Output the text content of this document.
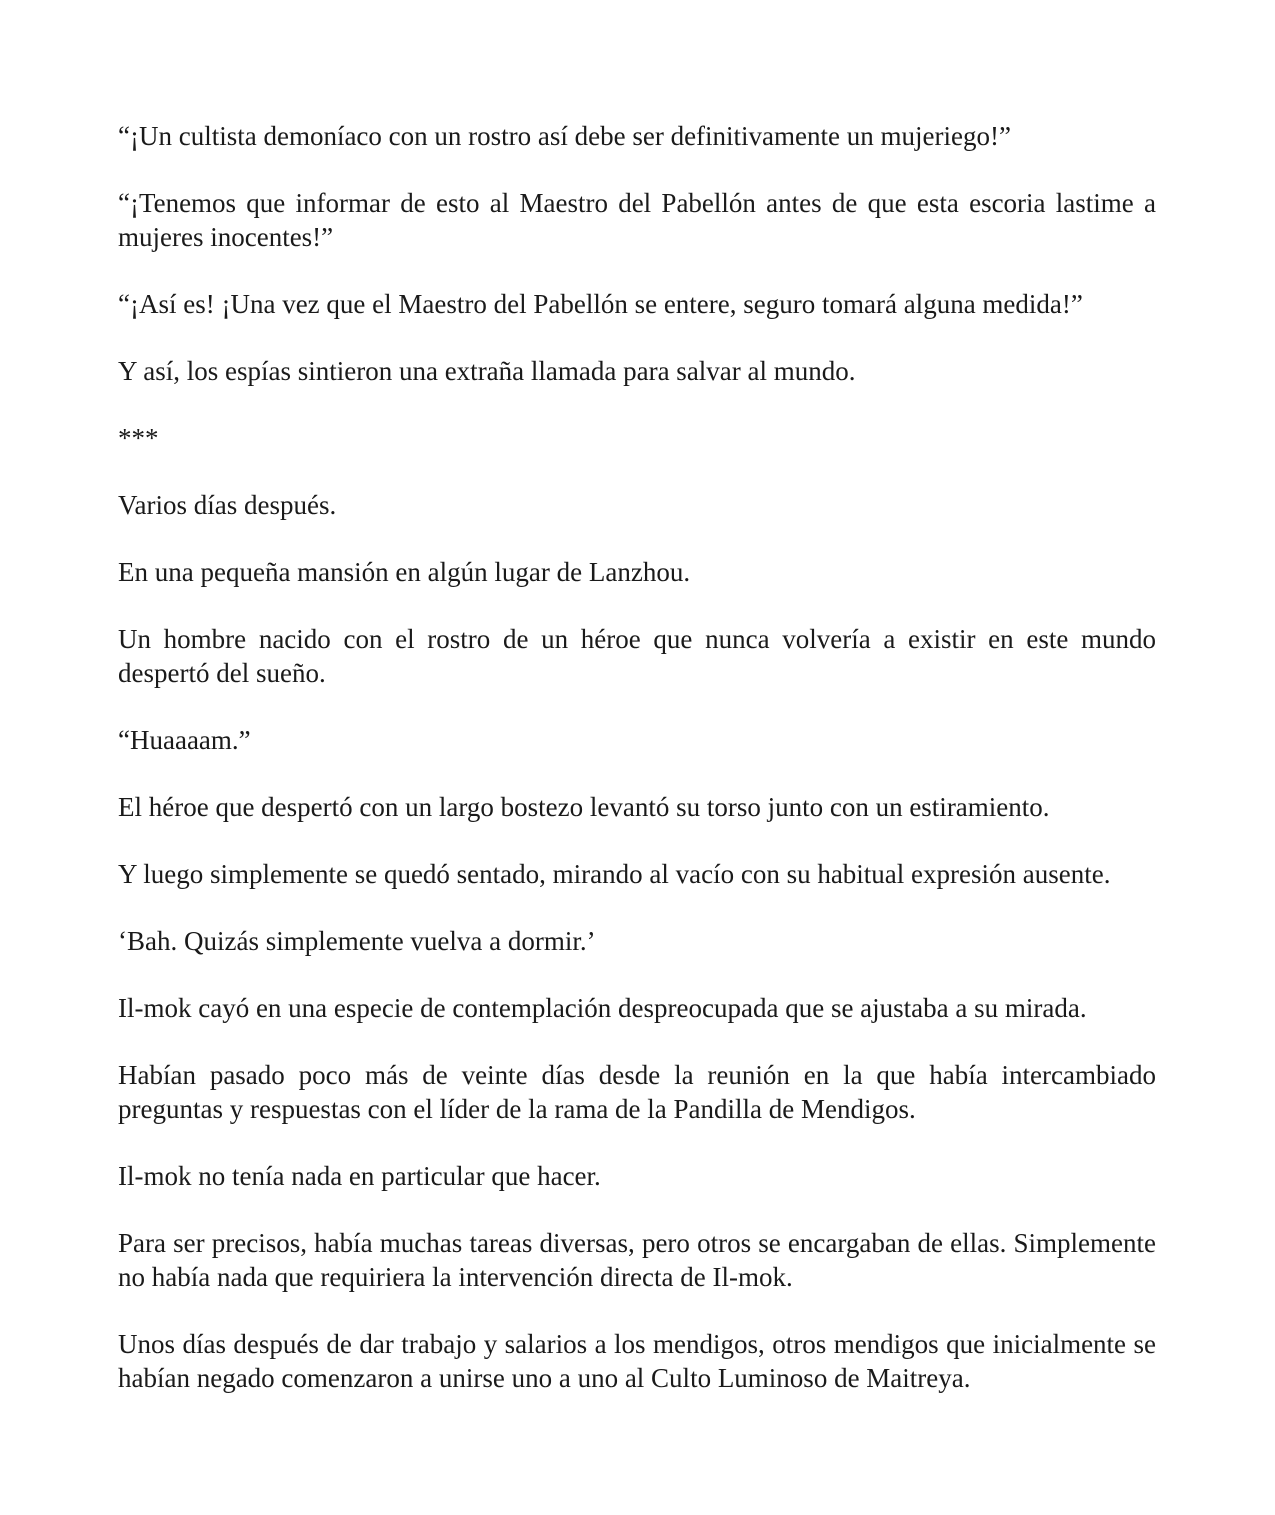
“¡Un cultista demoníaco con un rostro así debe ser definitivamente un mujeriego!”

“¡Tenemos que informar de esto al Maestro del Pabellón antes de que esta escoria lastime a mujeres inocentes!”

“¡Así es! ¡Una vez que el Maestro del Pabellón se entere, seguro tomará alguna medida!”

Y así, los espías sintieron una extraña llamada para salvar al mundo.

***

Varios días después.

En una pequeña mansión en algún lugar de Lanzhou.

Un hombre nacido con el rostro de un héroe que nunca volvería a existir en este mundo despertó del sueño.

“Huaaaam.”

El héroe que despertó con un largo bostezo levantó su torso junto con un estiramiento.

Y luego simplemente se quedó sentado, mirando al vacío con su habitual expresión ausente.

‘Bah. Quizás simplemente vuelva a dormir.’

Il-mok cayó en una especie de contemplación despreocupada que se ajustaba a su mirada.

Habían pasado poco más de veinte días desde la reunión en la que había intercambiado preguntas y respuestas con el líder de la rama de la Pandilla de Mendigos.

Il-mok no tenía nada en particular que hacer.

Para ser precisos, había muchas tareas diversas, pero otros se encargaban de ellas. Simplemente no había nada que requiriera la intervención directa de Il-mok.

Unos días después de dar trabajo y salarios a los mendigos, otros mendigos que inicialmente se habían negado comenzaron a unirse uno a uno al Culto Luminoso de Maitreya.
